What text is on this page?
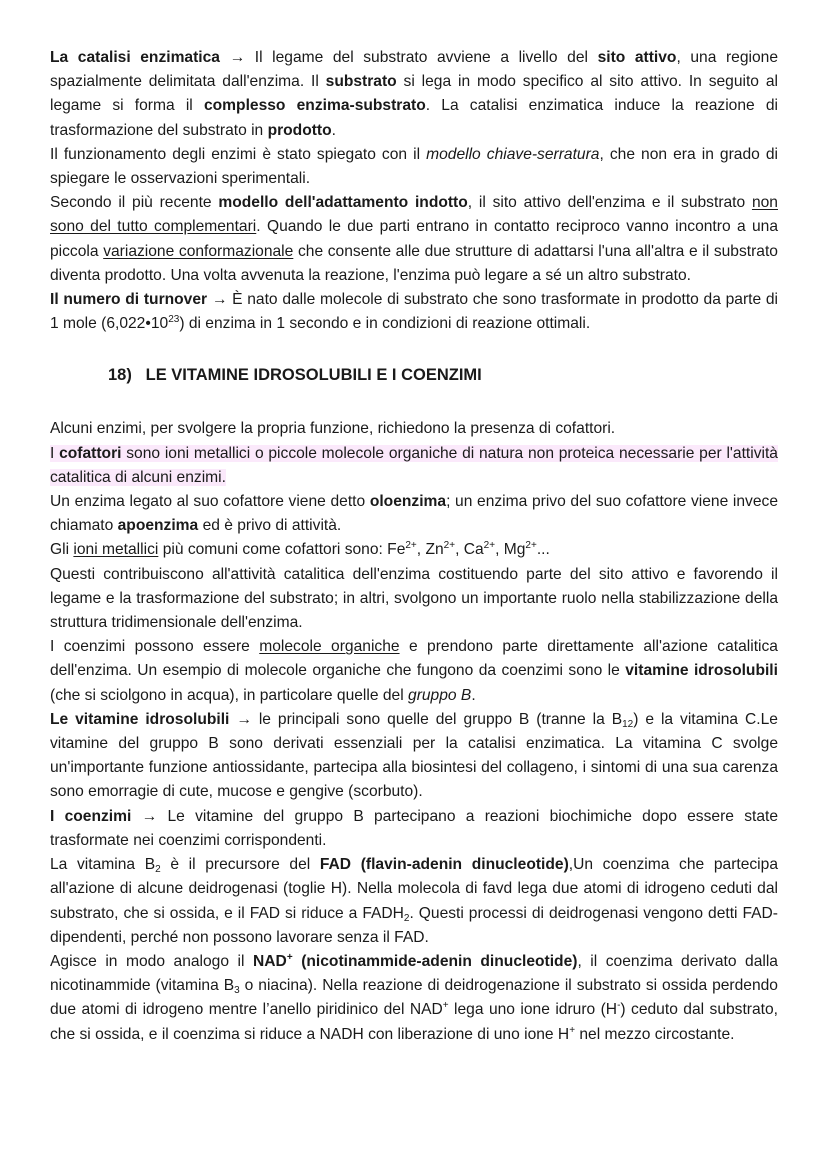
La catalisi enzimatica → Il legame del substrato avviene a livello del sito attivo, una regione spazialmente delimitata dall'enzima. Il substrato si lega in modo specifico al sito attivo. In seguito al legame si forma il complesso enzima-substrato. La catalisi enzimatica induce la reazione di trasformazione del substrato in prodotto.

Il funzionamento degli enzimi è stato spiegato con il modello chiave-serratura, che non era in grado di spiegare le osservazioni sperimentali.

Secondo il più recente modello dell'adattamento indotto, il sito attivo dell'enzima e il substrato non sono del tutto complementari. Quando le due parti entrano in contatto reciproco vanno incontro a una piccola variazione conformazionale che consente alle due strutture di adattarsi l'una all'altra e il substrato diventa prodotto. Una volta avvenuta la reazione, l'enzima può legare a sé un altro substrato.

Il numero di turnover → È nato dalle molecole di substrato che sono trasformate in prodotto da parte di 1 mole $(6,022•10^{23})$ di enzima in 1 secondo e in condizioni di reazione ottimali.

18) LE VITAMINE IDROSOLUBILI E I COENZIMI

Alcuni enzimi, per svolgere la propria funzione, richiedono la presenza di cofattori.

I cofattori sono ioni metallici o piccole molecole organiche di natura non proteica necessarie per l'attività catalitica di alcuni enzimi.

Un enzima legato al suo cofattore viene detto oloenzima; un enzima privo del suo cofattore viene invece chiamato apoenzima ed è privo di attività.

Gli ioni metallici più comuni come cofattori sono: $Fe^{2+}$, $Zn^{2+}$, $Ca^{2+}$, $Mg^{2+}$...

Questi contribuiscono all'attività catalitica dell'enzima costituendo parte del sito attivo e favorendo il legame e la trasformazione del substrato; in altri, svolgono un importante ruolo nella stabilizzazione della struttura tridimensionale dell'enzima.

I coenzimi possono essere molecole organiche e prendono parte direttamente all'azione catalitica dell'enzima. Un esempio di molecole organiche che fungono da coenzimi sono le vitamine idrosolubili (che si sciolgono in acqua), in particolare quelle del gruppo B.

Le vitamine idrosolubili → le principali sono quelle del gruppo B (tranne la $B_{12}$) e la vitamina C.Le vitamine del gruppo B sono derivati essenziali per la catalisi enzimatica. La vitamina C svolge un'importante funzione antiossidante, partecipa alla biosintesi del collageno, i sintomi di una sua carenza sono emorragie di cute, mucose e gengive (scorbuto).

I coenzimi → Le vitamine del gruppo B partecipano a reazioni biochimiche dopo essere state trasformate nei coenzimi corrispondenti.

La vitamina $B_2$ è il precursore del FAD (flavin-adenin dinucleotide),Un coenzima che partecipa all'azione di alcune deidrogenasi (toglie H). Nella molecola di favd lega due atomi di idrogeno ceduti dal substrato, che si ossida, e il FAD si riduce a $FADH_2$. Questi processi di deidrogenasi vengono detti FAD-dipendenti, perché non possono lavorare senza il FAD.

Agisce in modo analogo il NAD+ (nicotinammide-adenin dinucleotide), il coenzima derivato dalla nicotinammide (vitamina $B_3$ o niacina). Nella reazione di deidrogenazione il substrato si ossida perdendo due atomi di idrogeno mentre l’anello piridinico del NAD+ lega uno ione idruro (H-) ceduto dal substrato, che si ossida, e il coenzima si riduce a NADH con liberazione di uno ione H+ nel mezzo circostante.
